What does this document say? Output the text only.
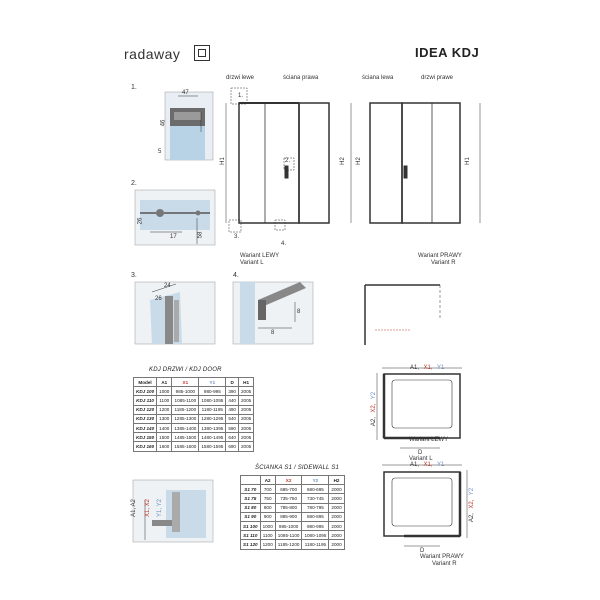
radaway	IDEA KDJ
1.
2.
3.	4.
47
46
5
26
17	58
24
26
8
8
drzwi lewe	ściana prawa
H1	H2
1.
2.
3.
4.
Wariant LEWY
Variant L
ściana lewa	drzwi prawe
H1
H2
Wariant PRAWY
Variant R
A1, X1, Y1
A2, X2, Y2
D
Wariant LEWY
Variant L
A1, X1, Y1
A2, X2, Y2
D
Wariant PRAWY
Variant R
A1, A2 X1, X2 Y1, Y2
KDJ DRZWI / KDJ DOOR
Model	A1	X1	Y1	D	H1
KDJ 100	1000	985-1000	980-995	390	2005
KDJ 110	1100	1085-1100	1080-1095	440	2005
KDJ 120	1200	1185-1200	1180-1195	490	2005
KDJ 130	1300	1285-1300	1280-1295	540	2005
KDJ 140	1400	1385-1400	1380-1395	590	2005
KDJ 150	1500	1485-1500	1480-1495	640	2005
KDJ 160	1600	1585-1600	1580-1595	690	2005
ŚCIANKA S1 / SIDEWALL S1
	A2	X2	Y2	H2
S1 70	700	685-700	680-695	2000
S1 75	750	735-750	730-745	2000
S1 80	800	785-800	780-795	2000
S1 90	900	885-900	880-895	2000
S1 100	1000	985-1000	980-995	2000
S1 110	1100	1085-1100	1080-1095	2000
S1 120	1200	1185-1200	1180-1195	2000
